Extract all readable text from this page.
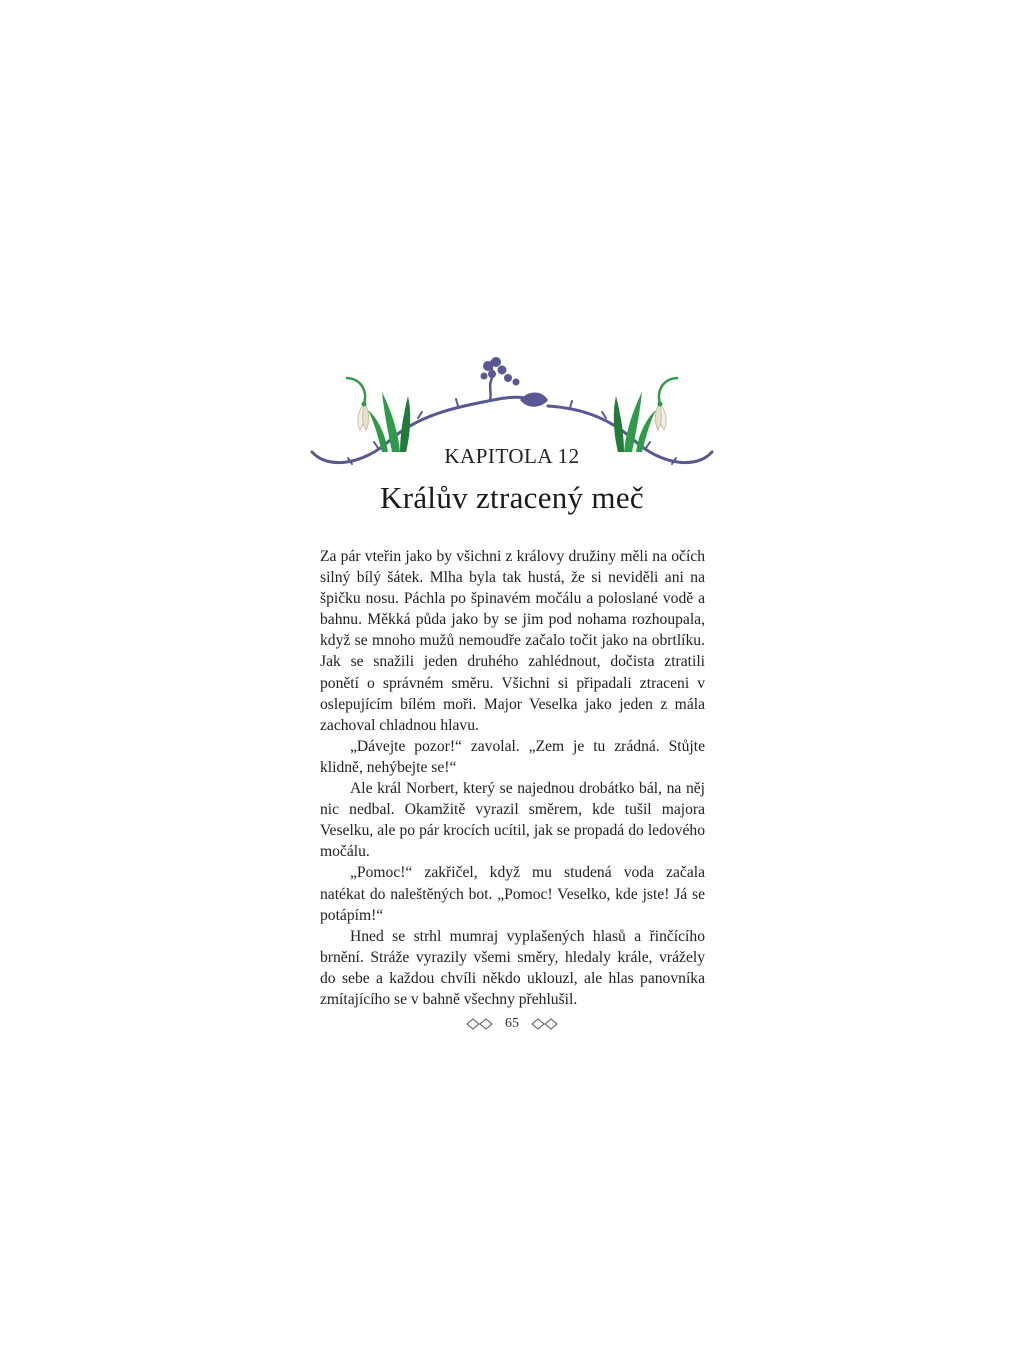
KAPITOLA 12
Králův ztracený meč

Za pár vteřin jako by všichni z královy družiny měli na očích silný bílý šátek. Mlha byla tak hustá, že si neviděli ani na špičku nosu. Páchla po špinavém močálu a poloslané vodě a bahnu. Měkká půda jako by se jim pod nohama rozhoupala, když se mnoho mužů nemoudře začalo točit jako na obrtlíku. Jak se snažili jeden druhého zahlédnout, dočista ztratili ponětí o správném směru. Všichni si připadali ztraceni v oslepujícím bílém moři. Major Veselka jako jeden z mála zachoval chladnou hlavu.

„Dávejte pozor!“ zavolal. „Zem je tu zrádná. Stůjte klidně, nehýbejte se!“

Ale král Norbert, který se najednou drobátko bál, na něj nic nedbal. Okamžitě vyrazil směrem, kde tušil majora Veselku, ale po pár krocích ucítil, jak se propadá do ledového močálu.

„Pomoc!“ zakřičel, když mu studená voda začala natékat do naleštěných bot. „Pomoc! Veselko, kde jste! Já se potápím!“

Hned se strhl mumraj vyplašených hlasů a řinčícího brnění. Stráže vyrazily všemi směry, hledaly krále, vrážely do sebe a každou chvíli někdo uklouzl, ale hlas panovníka zmítajícího se v bahně všechny přehlušil.

65
